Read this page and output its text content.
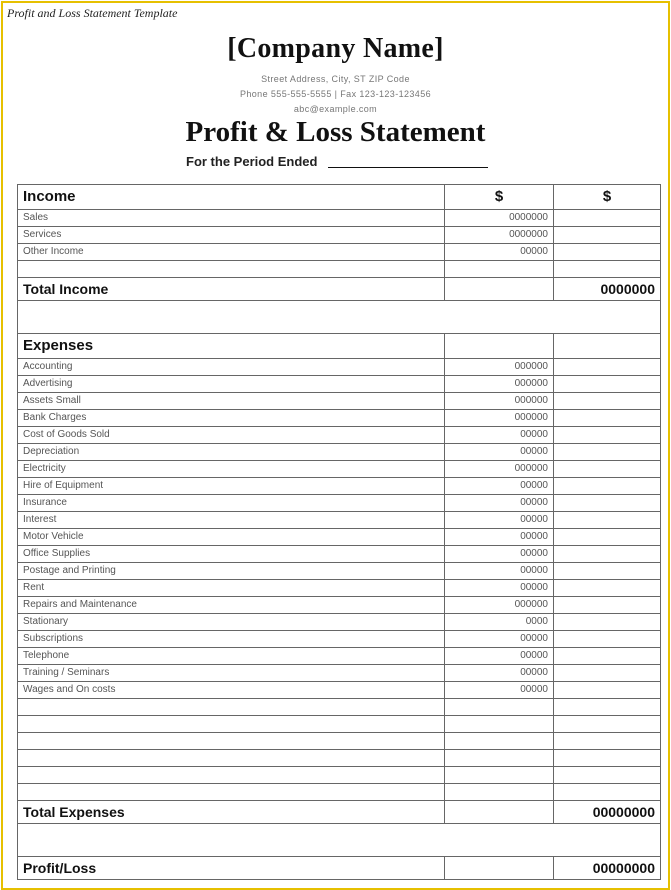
Profit and Loss Statement Template
[Company Name]
Street Address, City, ST ZIP Code
Phone 555-555-5555 | Fax 123-123-123456
abc@example.com
Profit & Loss Statement
For the Period Ended
Income	$	$
Sales	0000000	
Services	0000000	
Other Income	00000	

Total Income		0000000

Expenses		
Accounting	000000	
Advertising	000000	
Assets Small	000000	
Bank Charges	000000	
Cost of Goods Sold	00000	
Depreciation	00000	
Electricity	000000	
Hire of Equipment	00000	
Insurance	00000	
Interest	00000	
Motor Vehicle	00000	
Office Supplies	00000	
Postage and Printing	00000	
Rent	00000	
Repairs and Maintenance	000000	
Stationary	0000	
Subscriptions	00000	
Telephone	00000	
Training / Seminars	00000	
Wages and On costs	00000	

Total Expenses		00000000

Profit/Loss		00000000
